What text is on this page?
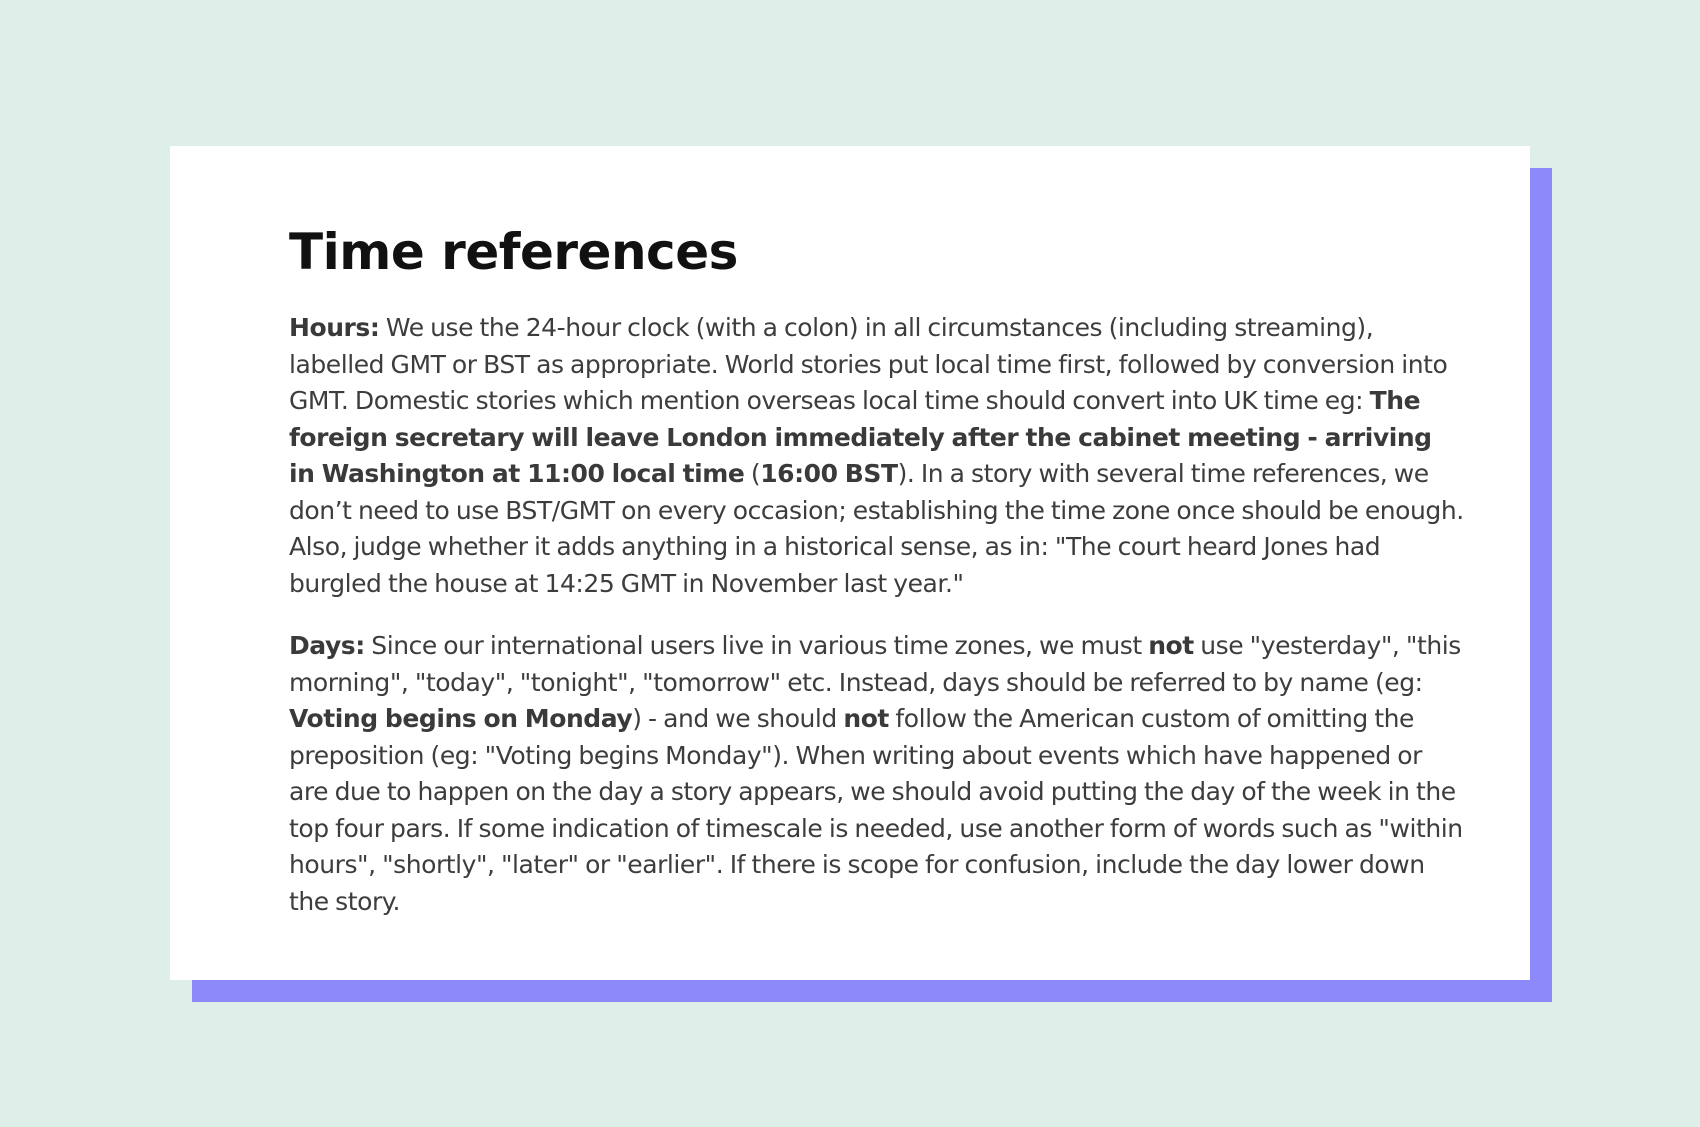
Time references

Hours: We use the 24-hour clock (with a colon) in all circumstances (including streaming), labelled GMT or BST as appropriate. World stories put local time first, followed by conversion into GMT. Domestic stories which mention overseas local time should convert into UK time eg: The foreign secretary will leave London immediately after the cabinet meeting - arriving in Washington at 11:00 local time (16:00 BST). In a story with several time references, we don’t need to use BST/GMT on every occasion; establishing the time zone once should be enough. Also, judge whether it adds anything in a historical sense, as in: "The court heard Jones had burgled the house at 14:25 GMT in November last year."

Days: Since our international users live in various time zones, we must not use "yesterday", "this morning", "today", "tonight", "tomorrow" etc. Instead, days should be referred to by name (eg: Voting begins on Monday) - and we should not follow the American custom of omitting the preposition (eg: "Voting begins Monday"). When writing about events which have happened or are due to happen on the day a story appears, we should avoid putting the day of the week in the top four pars. If some indication of timescale is needed, use another form of words such as "within hours", "shortly", "later" or "earlier". If there is scope for confusion, include the day lower down the story.
